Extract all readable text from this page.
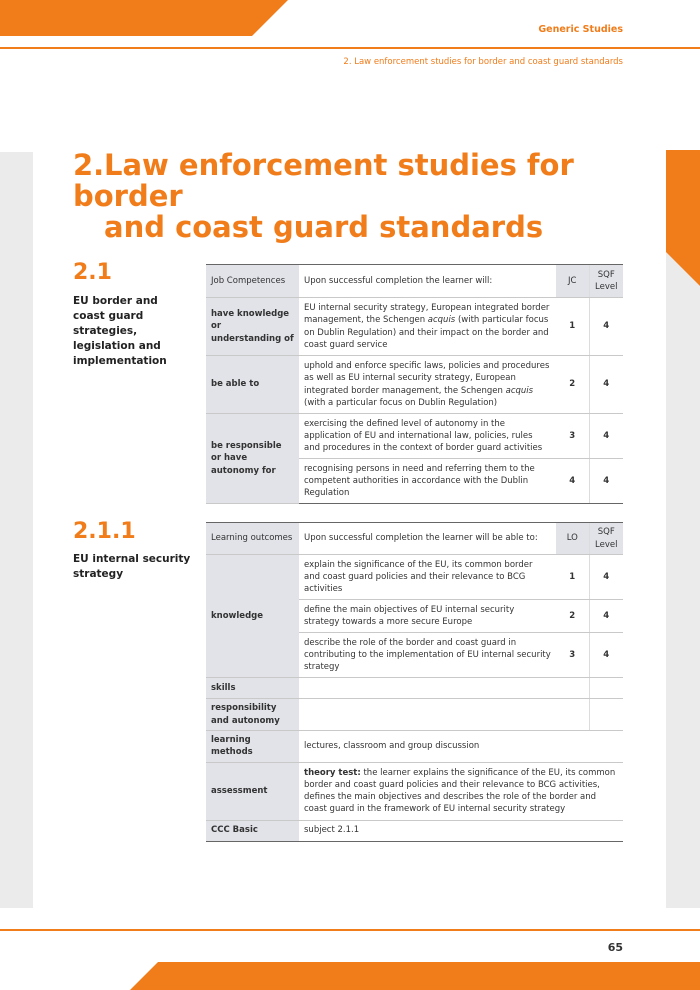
Generic Studies
2. Law enforcement studies for border and coast guard standards
2.Law enforcement studies for border
and coast guard standards
2.1
EU border and coast guard strategies, legislation and implementation
Job Competences	Upon successful completion the learner will:	JC	SQF Level
have knowledge or understanding of	EU internal security strategy, European integrated border management, the Schengen acquis (with particular focus on Dublin Regulation) and their impact on the border and coast guard service	1	4
be able to	uphold and enforce specific laws, policies and procedures as well as EU internal security strategy, European integrated border management, the Schengen acquis (with a particular focus on Dublin Regulation)	2	4
be responsible or have autonomy for	exercising the defined level of autonomy in the application of EU and international law, policies, rules and procedures in the context of border guard activities	3	4
	recognising persons in need and referring them to the competent authorities in accordance with the Dublin Regulation	4	4
2.1.1
EU internal security strategy
Learning outcomes	Upon successful completion the learner will be able to:	LO	SQF Level
knowledge	explain the significance of the EU, its common border and coast guard policies and their relevance to BCG activities	1	4
	define the main objectives of EU internal security strategy towards a more secure Europe	2	4
	describe the role of the border and coast guard in contributing to the implementation of EU internal security strategy	3	4
skills			
responsibility and autonomy			
learning methods	lectures, classroom and group discussion		
assessment	theory test: the learner explains the significance of the EU, its common border and coast guard policies and their relevance to BCG activities, defines the main objectives and describes the role of the border and coast guard in the framework of EU internal security strategy		
CCC Basic	subject 2.1.1		
65
